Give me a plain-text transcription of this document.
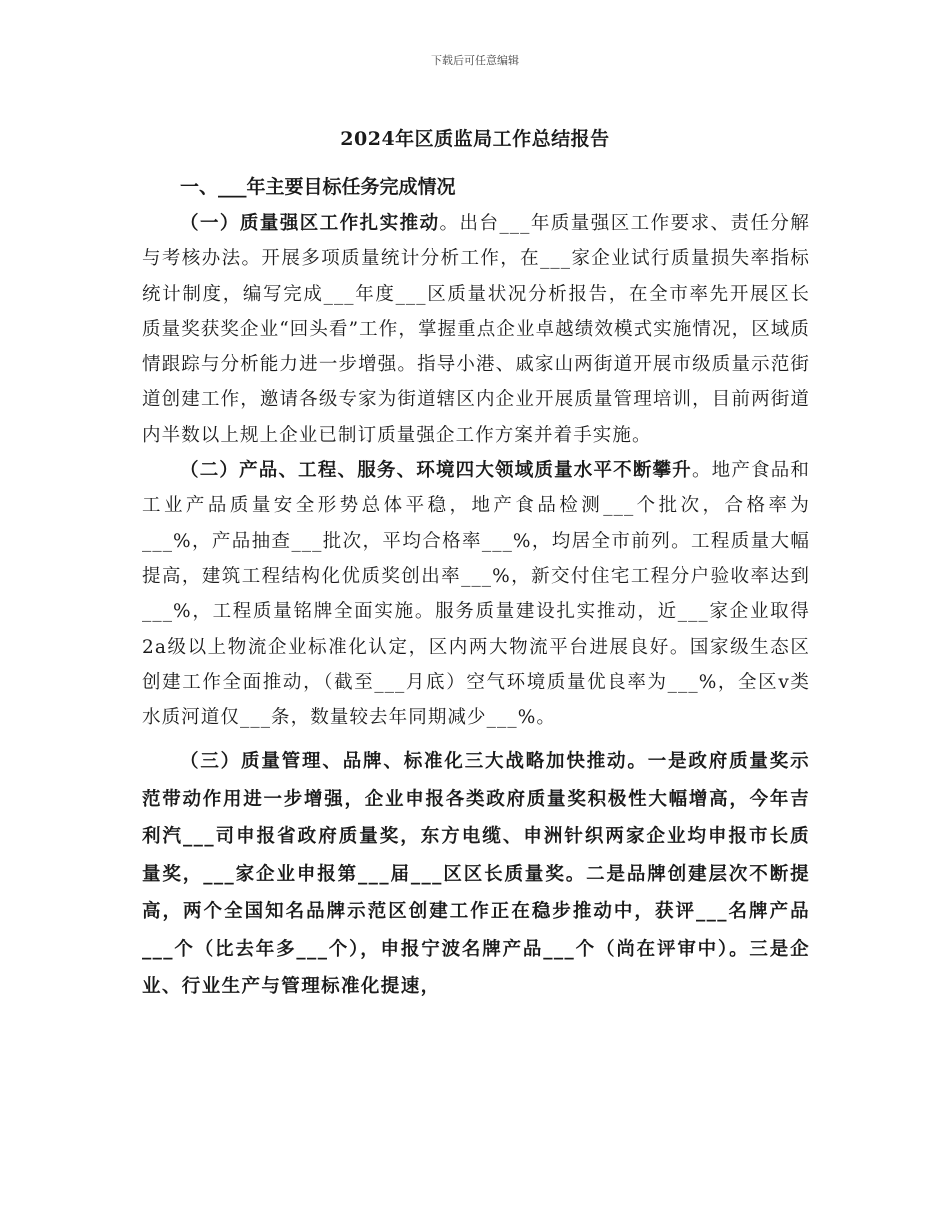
下载后可任意编辑
2024年区质监局工作总结报告

一、___年主要目标任务完成情况

（一）质量强区工作扎实推动。出台___年质量强区工作要求、责任分解与考核办法。开展多项质量统计分析工作，在___家企业试行质量损失率指标统计制度，编写完成___年度___区质量状况分析报告，在全市率先开展区长质量奖获奖企业“回头看”工作，掌握重点企业卓越绩效模式实施情况，区域质情跟踪与分析能力进一步增强。指导小港、戚家山两街道开展市级质量示范街道创建工作，邀请各级专家为街道辖区内企业开展质量管理培训，目前两街道内半数以上规上企业已制订质量强企工作方案并着手实施。

（二）产品、工程、服务、环境四大领域质量水平不断攀升。地产食品和工业产品质量安全形势总体平稳，地产食品检测___个批次，合格率为___%，产品抽查___批次，平均合格率___%，均居全市前列。工程质量大幅提高，建筑工程结构化优质奖创出率___%，新交付住宅工程分户验收率达到___%，工程质量铭牌全面实施。服务质量建设扎实推动，近___家企业取得2a级以上物流企业标准化认定，区内两大物流平台进展良好。国家级生态区创建工作全面推动，（截至___月底）空气环境质量优良率为___%，全区v类水质河道仅___条，数量较去年同期减少___%。

（三）质量管理、品牌、标准化三大战略加快推动。一是政府质量奖示范带动作用进一步增强，企业申报各类政府质量奖积极性大幅增高，今年吉利汽___司申报省政府质量奖，东方电缆、申洲针织两家企业均申报市长质量奖，___家企业申报第___届___区区长质量奖。二是品牌创建层次不断提高，两个全国知名品牌示范区创建工作正在稳步推动中，获评___名牌产品___个（比去年多___个），申报宁波名牌产品___个（尚在评审中）。三是企业、行业生产与管理标准化提速，
